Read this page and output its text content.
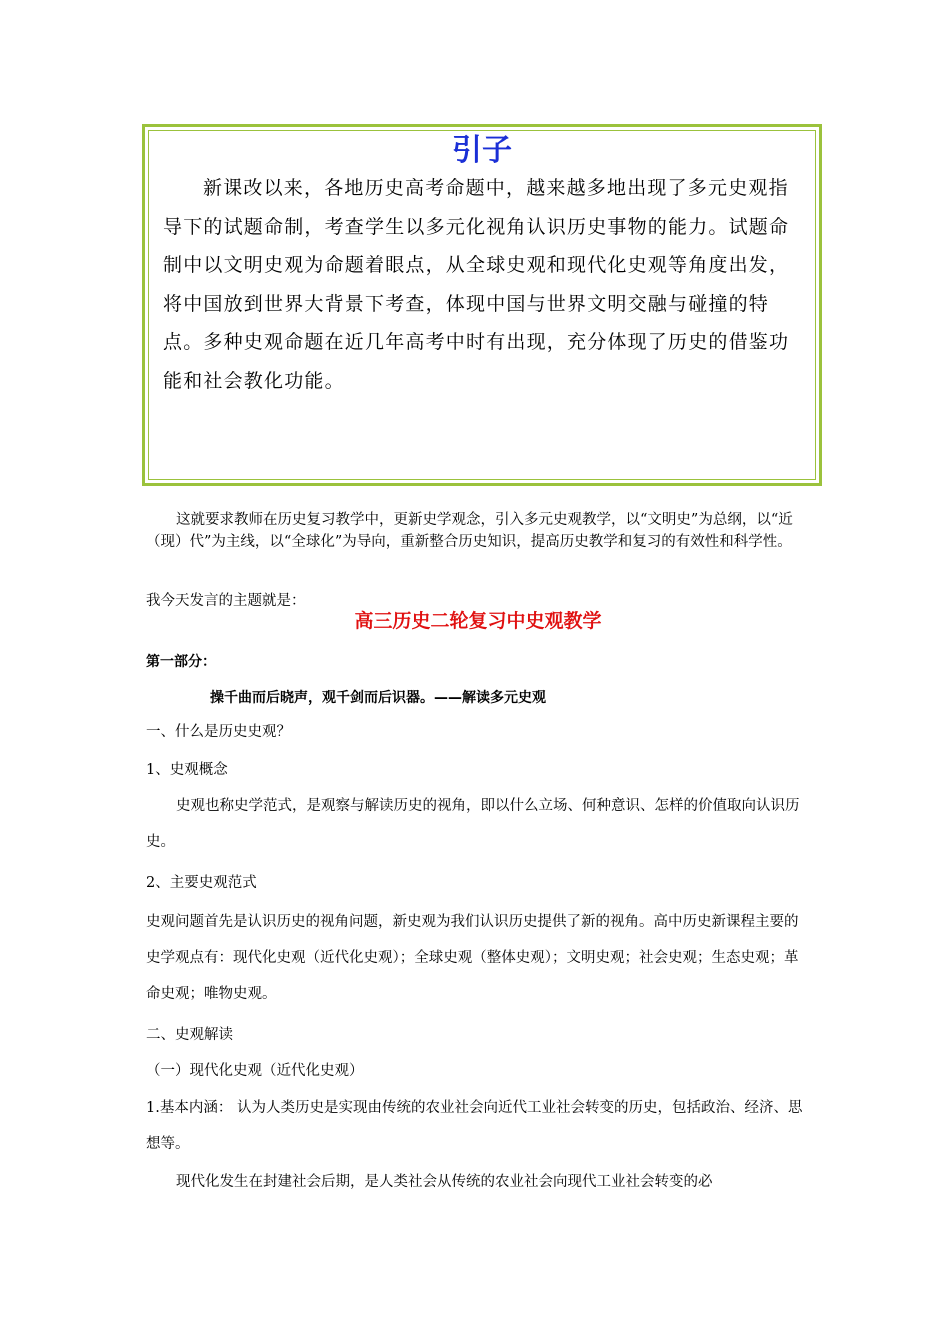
引子

新课改以来，各地历史高考命题中，越来越多地出现了多元史观指导下的试题命制，考查学生以多元化视角认识历史事物的能力。试题命制中以文明史观为命题着眼点，从全球史观和现代化史观等角度出发，将中国放到世界大背景下考查，体现中国与世界文明交融与碰撞的特点。多种史观命题在近几年高考中时有出现，充分体现了历史的借鉴功能和社会教化功能。

这就要求教师在历史复习教学中，更新史学观念，引入多元史观教学，以“文明史”为总纲，以“近（现）代”为主线，以“全球化”为导向，重新整合历史知识，提高历史教学和复习的有效性和科学性。

我今天发言的主题就是：

高三历史二轮复习中史观教学

第一部分：

操千曲而后晓声，观千剑而后识器。——解读多元史观

一、什么是历史史观？

1、史观概念

史观也称史学范式，是观察与解读历史的视角，即以什么立场、何种意识、怎样的价值取向认识历史。

2、主要史观范式

史观问题首先是认识历史的视角问题，新史观为我们认识历史提供了新的视角。高中历史新课程主要的史学观点有：现代化史观（近代化史观）；全球史观（整体史观）；文明史观；社会史观；生态史观；革命史观；唯物史观。

二、史观解读

（一）现代化史观（近代化史观）

1.基本内涵： 认为人类历史是实现由传统的农业社会向近代工业社会转变的历史，包括政治、经济、思想等。

现代化发生在封建社会后期，是人类社会从传统的农业社会向现代工业社会转变的必
